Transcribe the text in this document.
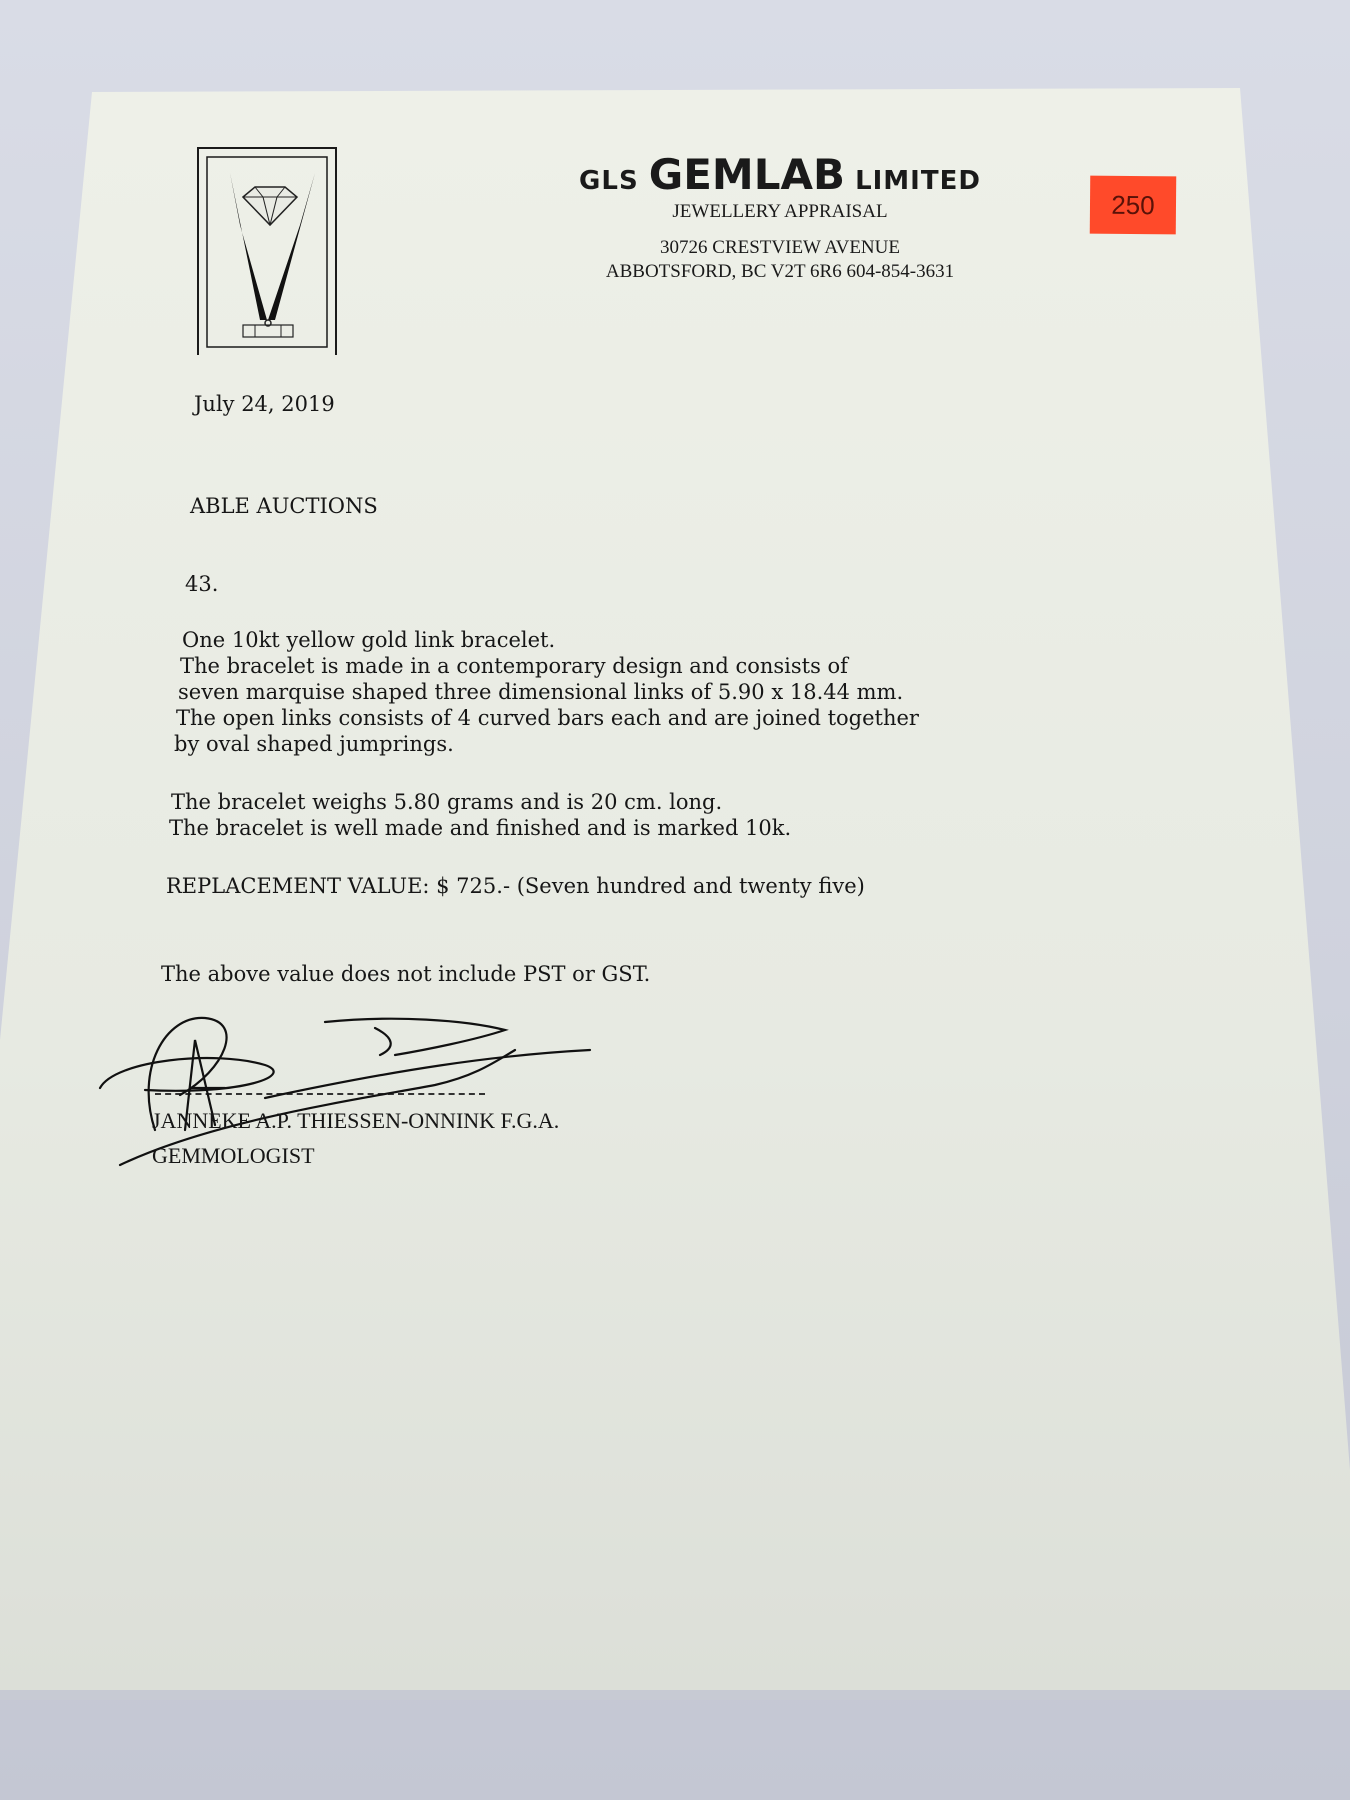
GLS GEMLAB LIMITED
JEWELLERY APPRAISAL
30726 CRESTVIEW AVENUE
ABBOTSFORD, BC V2T 6R6 604-854-3631
250
July 24, 2019
ABLE AUCTIONS
43.
One 10kt yellow gold link bracelet.
The bracelet is made in a contemporary design and consists of
seven marquise shaped three dimensional links of 5.90 x 18.44 mm.
The open links consists of 4 curved bars each and are joined together
by oval shaped jumprings.
The bracelet weighs 5.80 grams and is 20 cm. long.
The bracelet is well made and finished and is marked 10k.
REPLACEMENT VALUE: $ 725.- (Seven hundred and twenty five)
The above value does not include PST or GST.
JANNEKE A.P. THIESSEN-ONNINK F.G.A.
GEMMOLOGIST
